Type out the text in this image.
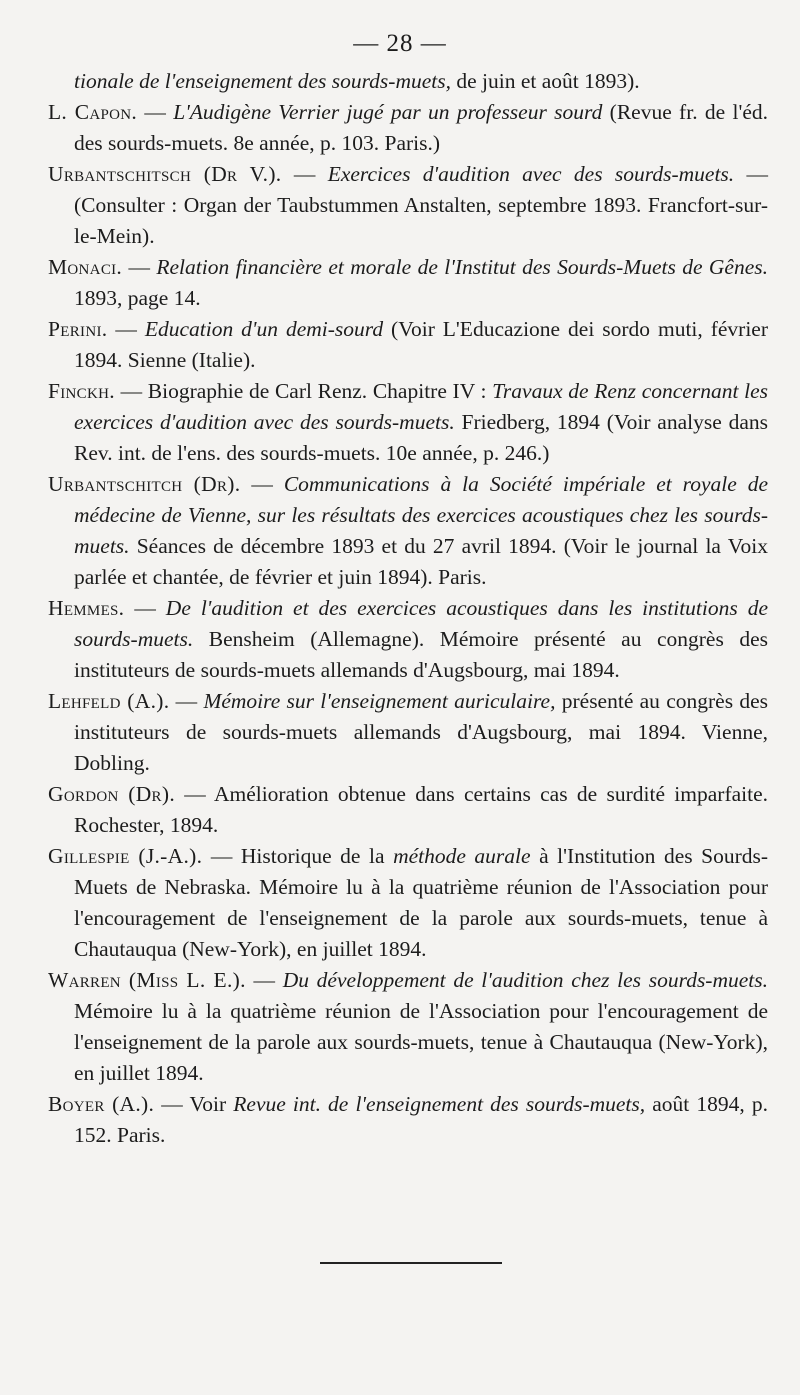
— 28 —

tionale de l'enseignement des sourds-muets, de juin et août 1893).

L. Capon. — L'Audigène Verrier jugé par un professeur sourd (Revue fr. de l'éd. des sourds-muets. 8e année, p. 103. Paris.)

Urbantschitsch (Dr V.). — Exercices d'audition avec des sourds-muets. — (Consulter : Organ der Taubstummen Anstalten, septembre 1893. Francfort-sur-le-Mein).

Monaci. — Relation financière et morale de l'Institut des Sourds-Muets de Gênes. 1893, page 14.

Perini. — Education d'un demi-sourd (Voir L'Educazione dei sordo muti, février 1894. Sienne (Italie).

Finckh. — Biographie de Carl Renz. Chapitre IV : Travaux de Renz concernant les exercices d'audition avec des sourds-muets. Friedberg, 1894 (Voir analyse dans Rev. int. de l'ens. des sourds-muets. 10e année, p. 246.)

Urbantschitch (Dr). — Communications à la Société impériale et royale de médecine de Vienne, sur les résultats des exercices acoustiques chez les sourds-muets. Séances de décembre 1893 et du 27 avril 1894. (Voir le journal la Voix parlée et chantée, de février et juin 1894). Paris.

Hemmes. — De l'audition et des exercices acoustiques dans les institutions de sourds-muets. Bensheim (Allemagne). Mémoire présenté au congrès des instituteurs de sourds-muets allemands d'Augsbourg, mai 1894.

Lehfeld (A.). — Mémoire sur l'enseignement auriculaire, présenté au congrès des instituteurs de sourds-muets allemands d'Augsbourg, mai 1894. Vienne, Dobling.

Gordon (Dr). — Amélioration obtenue dans certains cas de surdité imparfaite. Rochester, 1894.

Gillespie (J.-A.). — Historique de la méthode aurale à l'Institution des Sourds-Muets de Nebraska. Mémoire lu à la quatrième réunion de l'Association pour l'encouragement de l'enseignement de la parole aux sourds-muets, tenue à Chautauqua (New-York), en juillet 1894.

Warren (Miss L. E.). — Du développement de l'audition chez les sourds-muets. Mémoire lu à la quatrième réunion de l'Association pour l'encouragement de l'enseignement de la parole aux sourds-muets, tenue à Chautauqua (New-York), en juillet 1894.

Boyer (A.). — Voir Revue int. de l'enseignement des sourds-muets, août 1894, p. 152. Paris.
